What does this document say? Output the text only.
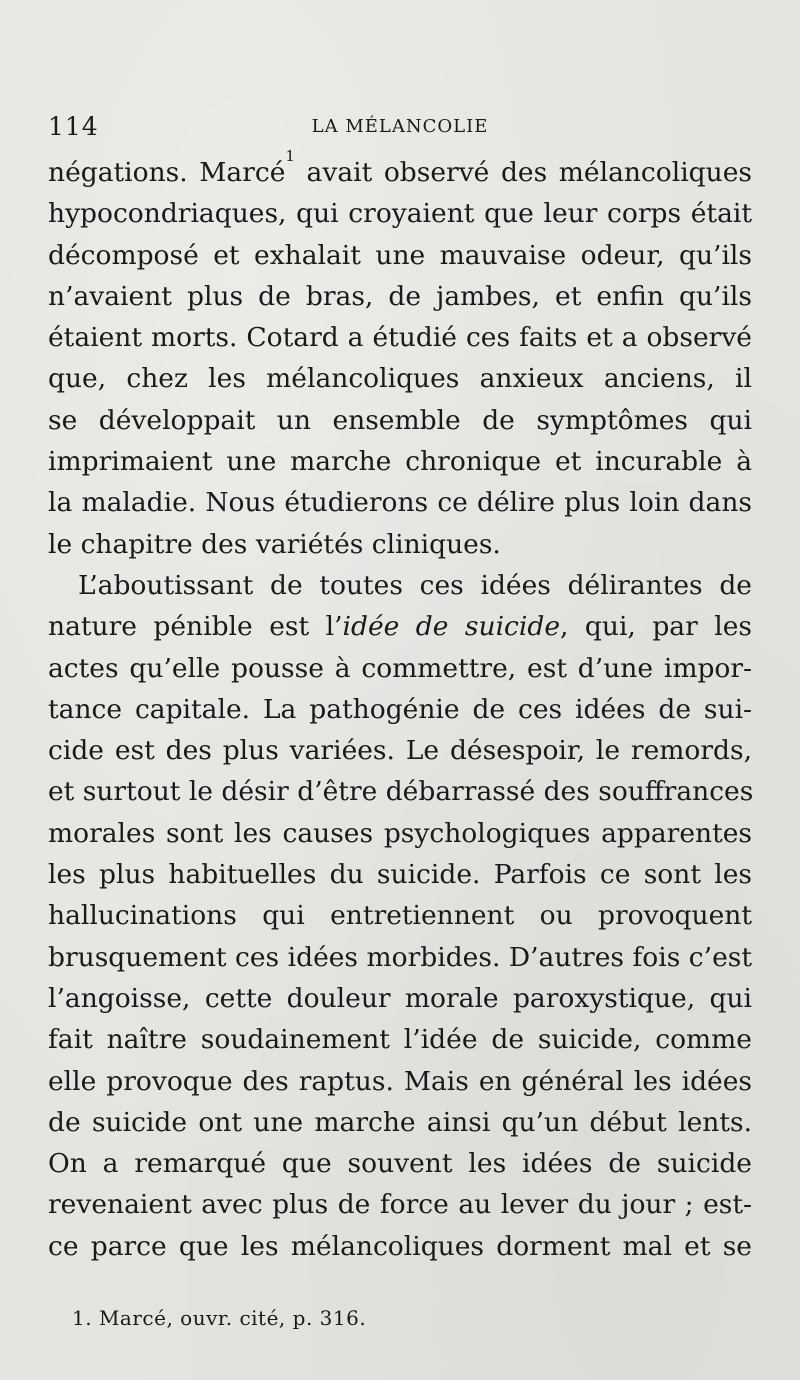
114	LA MÉLANCOLIE
négations. Marcé$^1$ avait observé des mélancoliques
hypocondriaques, qui croyaient que leur corps était
décomposé et exhalait une mauvaise odeur, qu’ils
n’avaient plus de bras, de jambes, et enfin qu’ils
étaient morts. Cotard a étudié ces faits et a observé
que, chez les mélancoliques anxieux anciens, il
se développait un ensemble de symptômes qui
imprimaient une marche chronique et incurable à
la maladie. Nous étudierons ce délire plus loin dans
le chapitre des variétés cliniques.
L’aboutissant de toutes ces idées délirantes de
nature pénible est l’idée de suicide, qui, par les
actes qu’elle pousse à commettre, est d’une impor-
tance capitale. La pathogénie de ces idées de sui-
cide est des plus variées. Le désespoir, le remords,
et surtout le désir d’être débarrassé des souffrances
morales sont les causes psychologiques apparentes
les plus habituelles du suicide. Parfois ce sont les
hallucinations qui entretiennent ou provoquent
brusquement ces idées morbides. D’autres fois c’est
l’angoisse, cette douleur morale paroxystique, qui
fait naître soudainement l’idée de suicide, comme
elle provoque des raptus. Mais en général les idées
de suicide ont une marche ainsi qu’un début lents.
On a remarqué que souvent les idées de suicide
revenaient avec plus de force au lever du jour ; est-
ce parce que les mélancoliques dorment mal et se
1. Marcé, ouvr. cité, p. 316.
